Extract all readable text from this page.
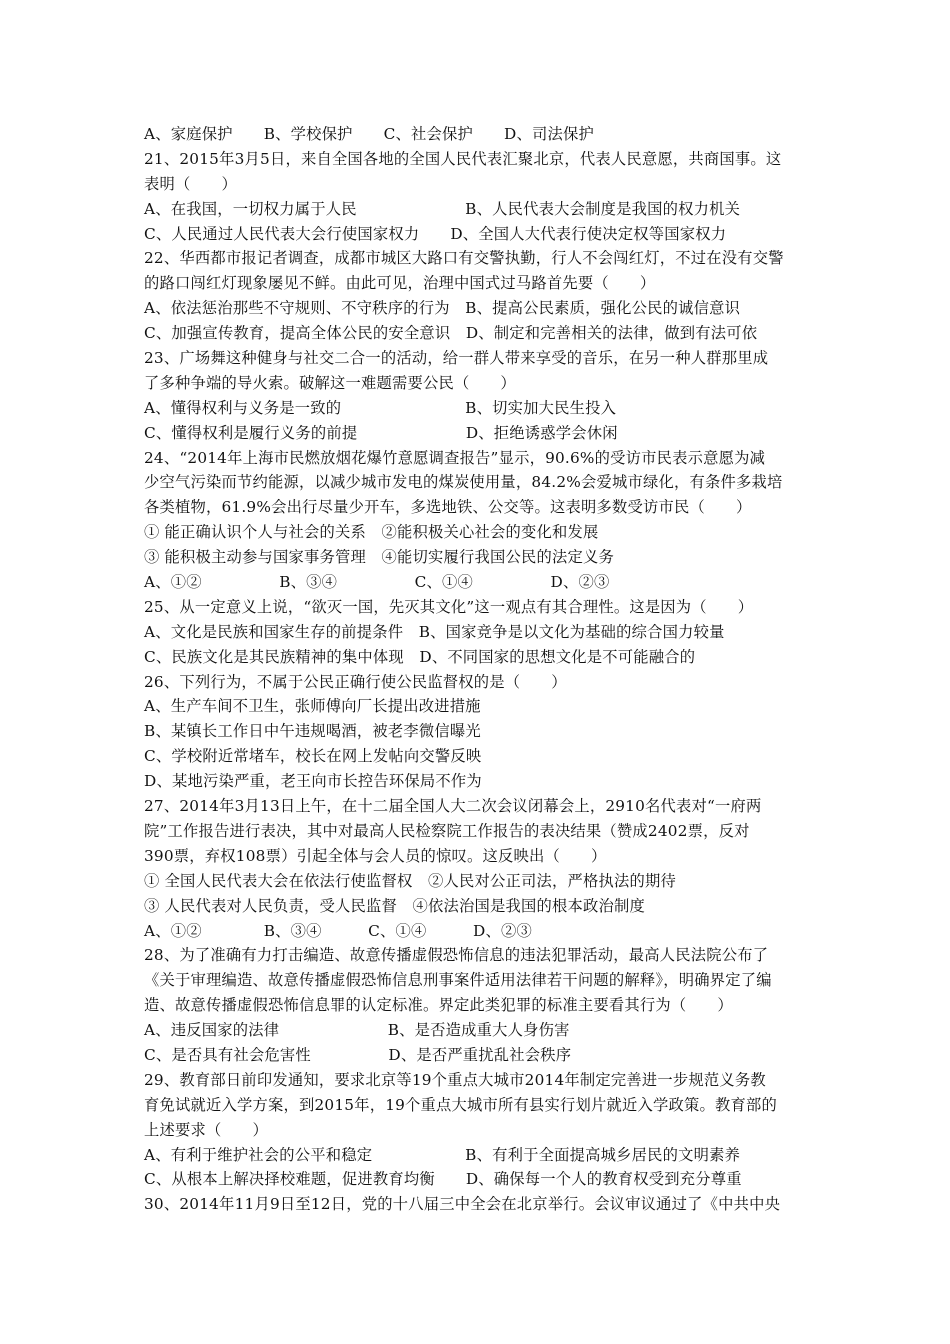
A、家庭保护　　B、学校保护　　C、社会保护　　D、司法保护
21、2015年3月5日，来自全国各地的全国人民代表汇聚北京，代表人民意愿，共商国事。这
表明（　　）
A、在我国，一切权力属于人民　　　　　　　B、人民代表大会制度是我国的权力机关
C、人民通过人民代表大会行使国家权力　　D、全国人大代表行使决定权等国家权力
22、华西都市报记者调查，成都市城区大路口有交警执勤，行人不会闯红灯，不过在没有交警
的路口闯红灯现象屡见不鲜。由此可见，治理中国式过马路首先要（　　）
A、依法惩治那些不守规则、不守秩序的行为　B、提高公民素质，强化公民的诚信意识
C、加强宣传教育，提高全体公民的安全意识　D、制定和完善相关的法律，做到有法可依
23、广场舞这种健身与社交二合一的活动，给一群人带来享受的音乐，在另一种人群那里成
了多种争端的导火索。破解这一难题需要公民（　　）
A、懂得权利与义务是一致的　　　　　　　　B、切实加大民生投入
C、懂得权利是履行义务的前提　　　　　　　D、拒绝诱惑学会休闲
24、“2014年上海市民燃放烟花爆竹意愿调查报告”显示，90.6%的受访市民表示意愿为减
少空气污染而节约能源，以减少城市发电的煤炭使用量，84.2%会爱城市绿化，有条件多栽培
各类植物，61.9%会出行尽量少开车，多选地铁、公交等。这表明多数受访市民（　　）
① 能正确认识个人与社会的关系　②能积极关心社会的变化和发展
③ 能积极主动参与国家事务管理　④能切实履行我国公民的法定义务
A、①②　　　　　B、③④　　　　　C、①④　　　　　D、②③
25、从一定意义上说，“欲灭一国，先灭其文化”这一观点有其合理性。这是因为（　　）
A、文化是民族和国家生存的前提条件　B、国家竞争是以文化为基础的综合国力较量
C、民族文化是其民族精神的集中体现　D、不同国家的思想文化是不可能融合的
26、下列行为，不属于公民正确行使公民监督权的是（　　）
A、生产车间不卫生，张师傅向厂长提出改进措施
B、某镇长工作日中午违规喝酒，被老李微信曝光
C、学校附近常堵车，校长在网上发帖向交警反映
D、某地污染严重，老王向市长控告环保局不作为
27、2014年3月13日上午，在十二届全国人大二次会议闭幕会上，2910名代表对“一府两
院”工作报告进行表决，其中对最高人民检察院工作报告的表决结果（赞成2402票，反对
390票，弃权108票）引起全体与会人员的惊叹。这反映出（　　）
① 全国人民代表大会在依法行使监督权　②人民对公正司法，严格执法的期待
③ 人民代表对人民负责，受人民监督　④依法治国是我国的根本政治制度
A、①②　　　　B、③④　　　C、①④　　　D、②③
28、为了准确有力打击编造、故意传播虚假恐怖信息的违法犯罪活动，最高人民法院公布了
《关于审理编造、故意传播虚假恐怖信息刑事案件适用法律若干问题的解释》，明确界定了编
造、故意传播虚假恐怖信息罪的认定标准。界定此类犯罪的标准主要看其行为（　　）
A、违反国家的法律　　　　　　　B、是否造成重大人身伤害
C、是否具有社会危害性　　　　　D、是否严重扰乱社会秩序
29、教育部日前印发通知，要求北京等19个重点大城市2014年制定完善进一步规范义务教
育免试就近入学方案，到2015年，19个重点大城市所有县实行划片就近入学政策。教育部的
上述要求（　　）
A、有利于维护社会的公平和稳定　　　　　　B、有利于全面提高城乡居民的文明素养
C、从根本上解决择校难题，促进教育均衡　　D、确保每一个人的教育权受到充分尊重
30、2014年11月9日至12日，党的十八届三中全会在北京举行。会议审议通过了《中共中央
